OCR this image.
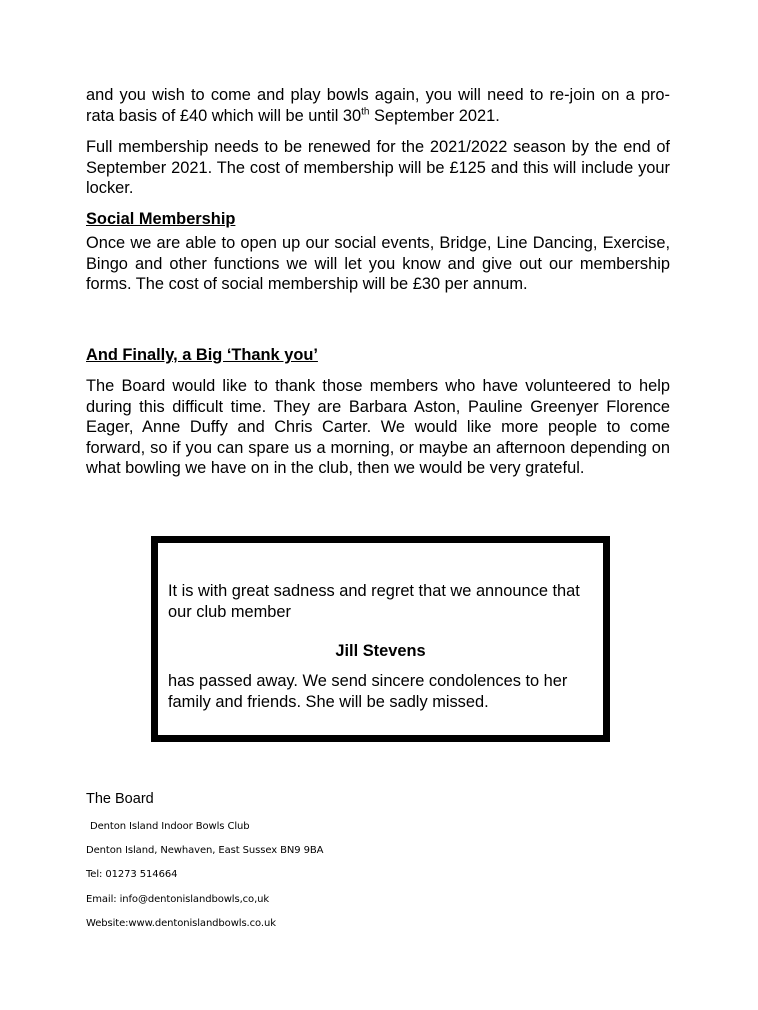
and you wish to come and play bowls again, you will need to re-join on a pro-rata basis of £40 which will be until 30th September 2021.

Full membership needs to be renewed for the 2021/2022 season by the end of September 2021. The cost of membership will be £125 and this will include your locker.

Social Membership

Once we are able to open up our social events, Bridge, Line Dancing, Exercise, Bingo and other functions we will let you know and give out our membership forms. The cost of social membership will be £30 per annum.

And Finally, a Big ‘Thank you’

The Board would like to thank those members who have volunteered to help during this difficult time. They are Barbara Aston, Pauline Greenyer Florence Eager, Anne Duffy and Chris Carter. We would like more people to come forward, so if you can spare us a morning, or maybe an afternoon depending on what bowling we have on in the club, then we would be very grateful.

It is with great sadness and regret that we announce that our club member

Jill Stevens

has passed away. We send sincere condolences to her family and friends. She will be sadly missed.

The Board

Denton Island Indoor Bowls Club

Denton Island, Newhaven, East Sussex BN9 9BA

Tel: 01273 514664

Email: info@dentonislandbowls,co,uk

Website:www.dentonislandbowls.co.uk
